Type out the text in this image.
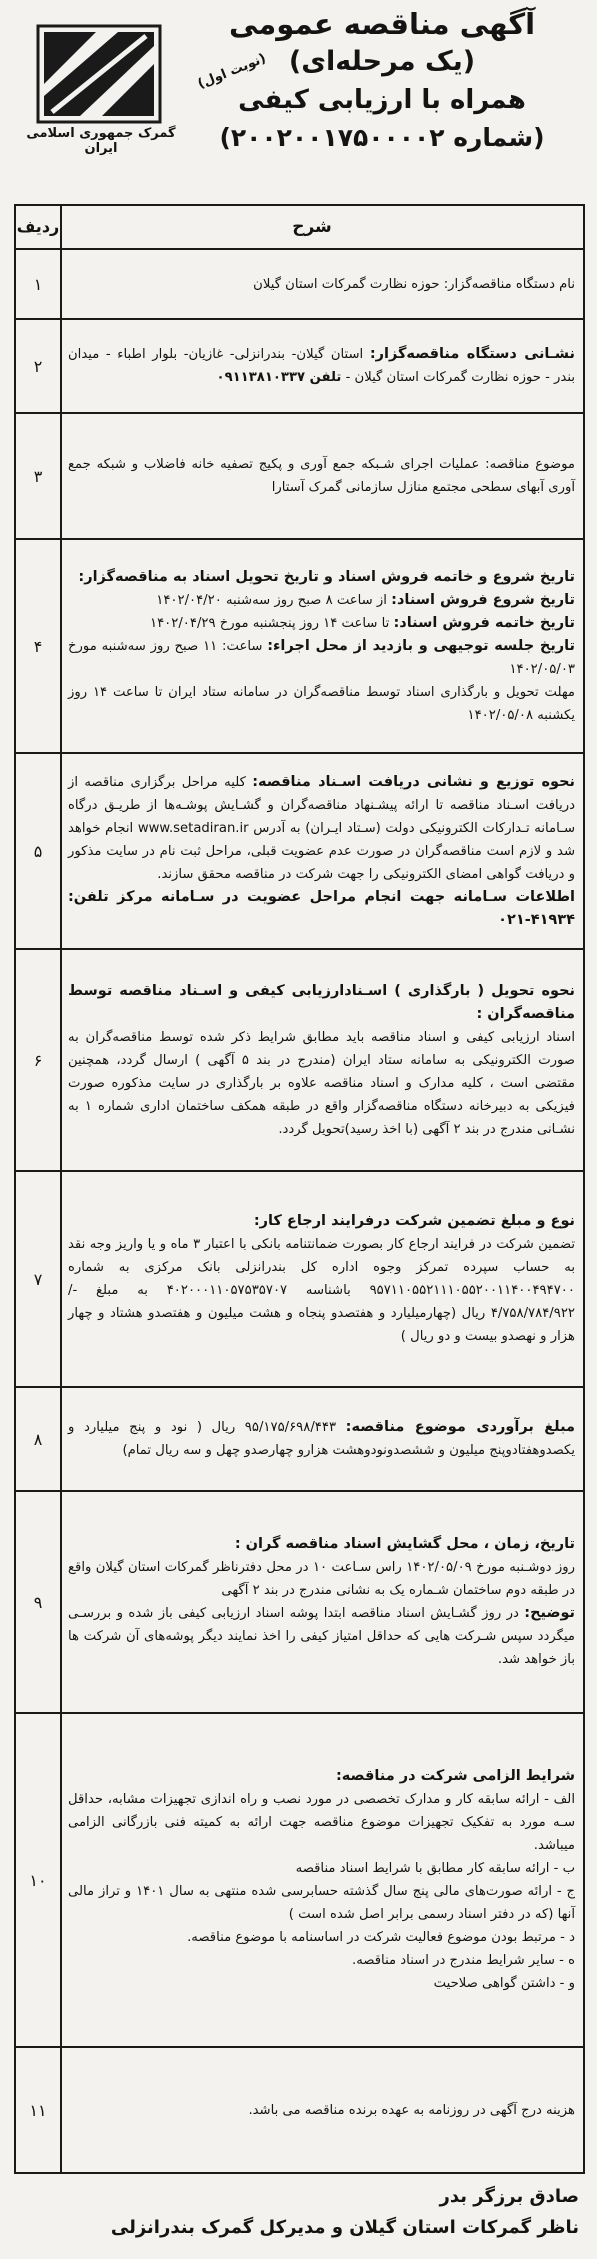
گمرک جمهوری اسلامی ایران
آگهی مناقصه عمومی
(یک مرحله‌ای)
همراه با ارزیابی کیفی
(شماره ۲۰۰۲۰۰۱۷۵۰۰۰۰۲)
(نوبت اول)
شرح
ردیف
۱	نام دستگاه مناقصه‌گزار: حوزه نظارت گمرکات استان گیلان

۲

نشـانی دستگاه مناقصه‌گزار: استان گیلان- بندرانزلی- غازیان- بلوار اطباء - میدان بندر - حوزه نظارت گمرکات استان گیلان - تلفن ۰۹۱۱۳۸۱۰۳۳۷

۳

موضوع مناقصه: عملیات اجرای شـبکه جمع آوری و پکیج تصفیه خانه فاضلاب و شبکه جمع آوری آبهای سطحی مجتمع منازل سازمانی گمرک آستارا

۴

تاریخ شروع و خاتمه فروش اسناد و تاریخ تحویل اسناد به مناقصه‌گزار:

تاریخ شروع فروش اسناد: از ساعت ۸ صبح روز سه‌شنبه ۱۴۰۲/۰۴/۲۰

تاریخ خاتمه فروش اسناد: تا ساعت ۱۴ روز پنجشنبه مورخ ۱۴۰۲/۰۴/۲۹

تاریخ جلسه توجیهی و بازدید از محل اجراء: ساعت: ۱۱ صبح روز سه‌شنبه مورخ ۱۴۰۲/۰۵/۰۳

مهلت تحویل و بارگذاری اسناد توسط مناقصه‌گران در سامانه ستاد ایران تا ساعت ۱۴ روز یکشنبه ۱۴۰۲/۰۵/۰۸

۵

نحوه توزیع و نشانی دریافت اسـناد مناقصه: کلیه مراحل برگزاری مناقصه از دریافت اسـناد مناقصه تا ارائه پیشـنهاد مناقصه‌گران و گشـایش پوشـه‌ها از طریـق درگاه سـامانه تـدارکات الکترونیکی دولت (سـتاد ایـران) به آدرس www.setadiran.ir انجام خواهد شد و لازم است مناقصه‌گران در صورت عدم عضویت قبلی، مراحل ثبت نام در سایت مذکور و دریافت گواهی امضای الکترونیکی را جهت شرکت در مناقصه محقق سازند.

اطلاعات سـامانه جهت انجام مراحل عضویت در سـامانه مرکز تلفن: ۴۱۹۳۴-۰۲۱

۶

نحوه تحویل ( بارگذاری ) اسـنادارزیابی کیفی و اسـناد مناقصه توسط مناقصه‌گران :

اسناد ارزیابی کیفی و اسناد مناقصه باید مطابق شرایط ذکر شده توسط مناقصه‌گران به صورت الکترونیکی به سامانه ستاد ایران (مندرج در بند ۵ آگهی ) ارسال گردد، همچنین مقتضی است ، کلیه مدارک و اسناد مناقصه علاوه بر بارگذاری در سایت مذکوره صورت فیزیکی به دبیرخانه دستگاه مناقصه‌گزار واقع در طبقه همکف ساختمان اداری شماره ۱ به نشـانی مندرج در بند ۲ آگهی (با اخذ رسید)تحویل گردد.

۷

نوع و مبلغ تضمین شرکت درفرایند ارجاع کار:

تضمین شرکت در فرایند ارجاع کار بصورت ضمانتنامه بانکی با اعتبار ۳ ماه و یا واریز وجه نقد به حساب سپرده تمرکز وجوه اداره کل بندرانزلی بانک مرکزی به شماره ۹۵۷۱۱۰۵۵۲۱۱۱۰۵۵۲۰۰۱۱۴۰۰۴۹۴۷۰۰ باشناسه ۴۰۲۰۰۰۱۱۰۵۷۵۳۵۷۰۷ به مبلغ -/۴/۷۵۸/۷۸۴/۹۲۲ ریال (چهارمیلیارد و هفتصدو پنجاه و هشت میلیون و هفتصدو هشتاد و چهار هزار و نهصدو بیست و دو ریال )

۸

مبلغ برآوردی موضوع مناقصه: ۹۵/۱۷۵/۶۹۸/۴۴۳ ریال ( نود و پنج میلیارد و یکصدوهفتادوپنج میلیون و ششصدونودوهشت هزارو چهارصدو چهل و سه ریال تمام)

۹

تاریخ، زمان ، محل گشایش اسناد مناقصه گران :

روز دوشـنبه مورخ ۱۴۰۲/۰۵/۰۹ راس سـاعت ۱۰ در محل دفترناظر گمرکات استان گیلان واقع در طبقه دوم ساختمان شـماره یک به نشانی مندرج در بند ۲ آگهی

توضیح: در روز گشـایش اسناد مناقصه ابتدا پوشه اسناد ارزیابی کیفی باز شده و بررسـی میگردد سپس شـرکت هایی که حداقل امتیاز کیفی را اخذ نمایند دیگر پوشه‌های آن شرکت ها باز خواهد شد.

۱۰

شرایط الزامی شرکت در مناقصه:

الف - ارائه سابقه کار و مدارک تخصصی در مورد نصب و راه اندازی تجهیزات مشابه، حداقل سـه مورد به تفکیک تجهیزات موضوع مناقصه جهت ارائه به کمیته فنی بازرگانی الزامی میباشد.

ب - ارائه سابقه کار مطابق با شرایط اسناد مناقصه

ج - ارائه صورت‌های مالی پنج سال گذشته حسابرسی شده منتهی به سال ۱۴۰۱ و تراز مالی آنها (که در دفتر اسناد رسمی برابر اصل شده است )

د - مرتبط بودن موضوع فعالیت شرکت در اساسنامه با موضوع مناقصه.

ه - سایر شرایط مندرج در اسناد مناقصه.

و - داشتن گواهی صلاحیت

۱۱	هزینه درج آگهی در روزنامه به عهده برنده مناقصه می باشد.

صادق برزگر بدر
ناظر گمرکات استان گیلان و مدیرکل گمرک بندرانزلی
